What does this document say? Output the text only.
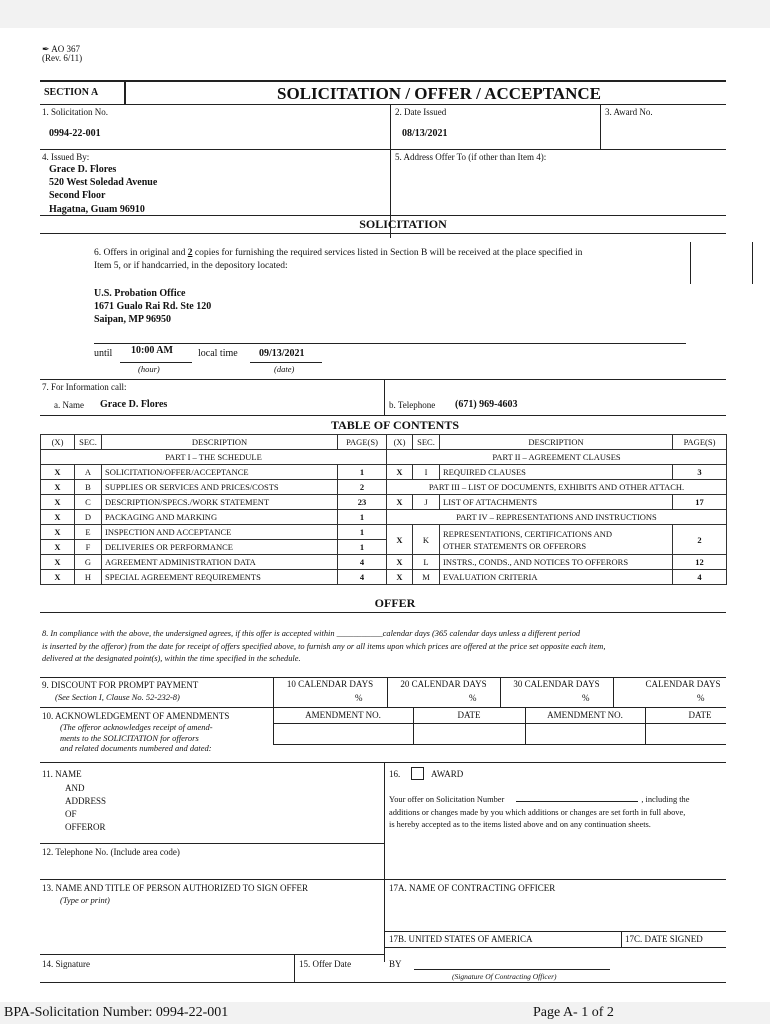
✒ AO 367
(Rev. 6/11)
SECTION A	SOLICITATION / OFFER / ACCEPTANCE
1. Solicitation No.
0994-22-001
2. Date Issued
08/13/2021
3. Award No.
4. Issued By:
Grace D. Flores
520 West Soledad Avenue
Second Floor
Hagatna, Guam 96910
5. Address Offer To (if other than Item 4):
SOLICITATION
6. Offers in original and 2 copies for furnishing the required services listed in Section B will be received at the place specified in
Item 5, or if handcarried, in the depository located:
U.S. Probation Office
1671 Gualo Rai Rd. Ste 120
Saipan, MP 96950
until 10:00 AM
(hour)
local time 09/13/2021
(date)
7. For Information call:
a. Name Grace D. Flores	b. Telephone (671) 969-4603
TABLE OF CONTENTS
(X)	SEC.	DESCRIPTION	PAGE(S)
PART I – THE SCHEDULE			
X	A	SOLICITATION/OFFER/ACCEPTANCE	1
X	B	SUPPLIES OR SERVICES AND PRICES/COSTS	2
X	C	DESCRIPTION/SPECS./WORK STATEMENT	23
X	D	PACKAGING AND MARKING	1
X	E	INSPECTION AND ACCEPTANCE	1
X	F	DELIVERIES OR PERFORMANCE	1
X	G	AGREEMENT ADMINISTRATION DATA	4
X	H	SPECIAL AGREEMENT REQUIREMENTS	4
(X)	SEC.	DESCRIPTION	PAGE(S)
PART II – AGREEMENT CLAUSES			
X	I	REQUIRED CLAUSES	3
PART III – LIST OF DOCUMENTS, EXHIBITS AND OTHER ATTACH.			
X	J	LIST OF ATTACHMENTS	17
PART IV – REPRESENTATIONS AND INSTRUCTIONS			
X	K	REPRESENTATIONS, CERTIFICATIONS AND
OTHER STATEMENTS OR OFFERORS	2
X	L	INSTRS., CONDS., AND NOTICES TO OFFERORS	12
X	M	EVALUATION CRITERIA	4
OFFER
8. In compliance with the above, the undersigned agrees, if this offer is accepted within ___________calendar days (365 calendar days unless a different period
is inserted by the offeror) from the date for receipt of offers specified above, to furnish any or all items upon which prices are offered at the price set opposite each item,
delivered at the designated point(s), within the time specified in the schedule.
9. DISCOUNT FOR PROMPT PAYMENT
(See Section I, Clause No. 52-232-8)
10 CALENDAR DAYS	20 CALENDAR DAYS	30 CALENDAR DAYS	CALENDAR DAYS
%	%	%	%
10. ACKNOWLEDGEMENT OF AMENDMENTS
(The offeror acknowledges receipt of amend-
ments to the SOLICITATION for offerors
and related documents numbered and dated:
AMENDMENT NO.	DATE	AMENDMENT NO.	DATE
11. NAME
AND
ADDRESS
OF
OFFEROR
16.	AWARD
Your offer on Solicitation Number	, including the
additions or changes made by you which additions or changes are set forth in full above,
is hereby accepted as to the items listed above and on any continuation sheets.
12. Telephone No. (Include area code)
13. NAME AND TITLE OF PERSON AUTHORIZED TO SIGN OFFER
(Type or print)
17A. NAME OF CONTRACTING OFFICER
17B. UNITED STATES OF AMERICA	17C. DATE SIGNED
14. Signature	15. Offer Date	BY
(Signature Of Contracting Officer)
BPA-Solicitation Number: 0994-22-001	Page A- 1 of 2
